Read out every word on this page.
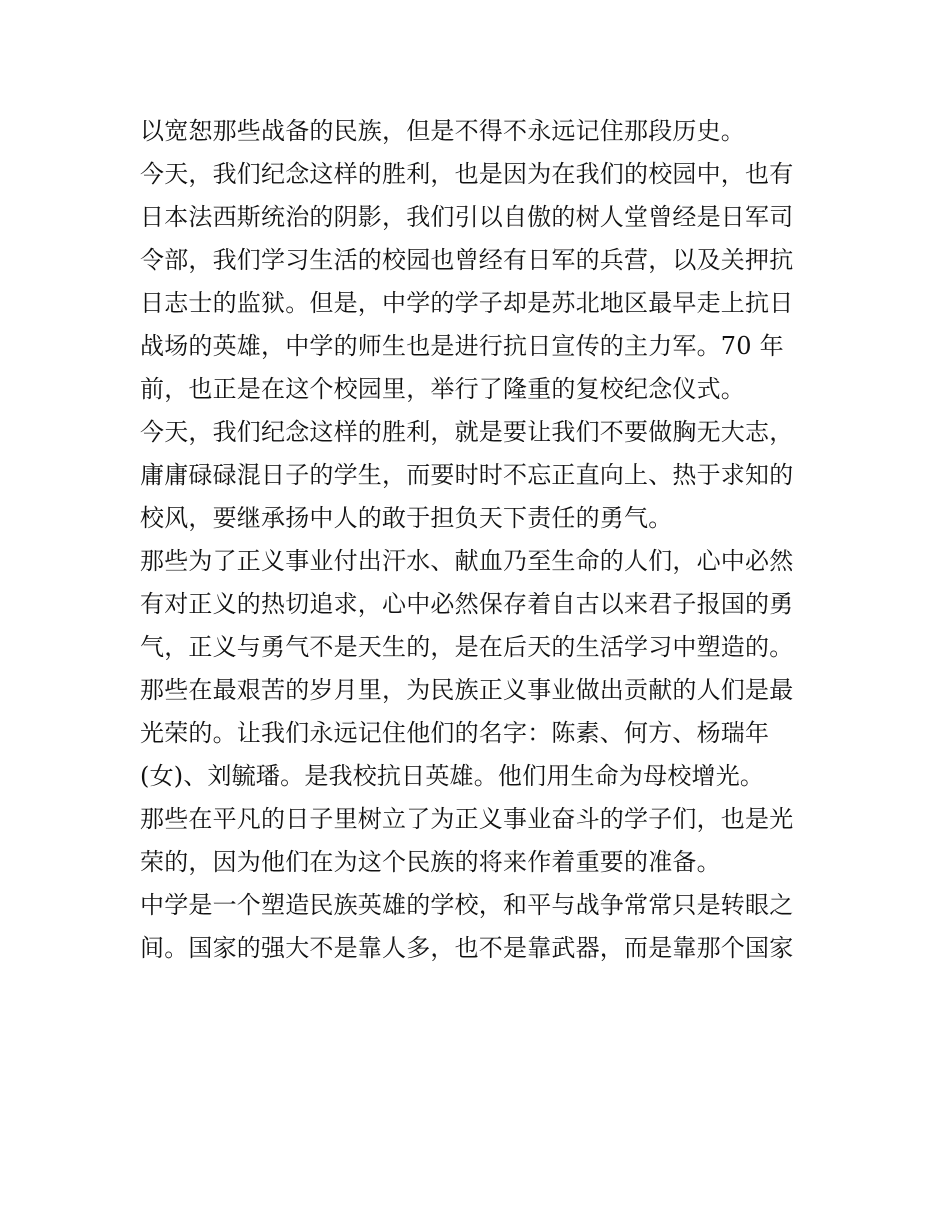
以宽恕那些战备的民族，但是不得不永远记住那段历史。
今天，我们纪念这样的胜利，也是因为在我们的校园中，也有
日本法西斯统治的阴影，我们引以自傲的树人堂曾经是日军司
令部，我们学习生活的校园也曾经有日军的兵营，以及关押抗
日志士的监狱。但是，中学的学子却是苏北地区最早走上抗日
战场的英雄，中学的师生也是进行抗日宣传的主力军。70 年
前，也正是在这个校园里，举行了隆重的复校纪念仪式。
今天，我们纪念这样的胜利，就是要让我们不要做胸无大志，
庸庸碌碌混日子的学生，而要时时不忘正直向上、热于求知的
校风，要继承扬中人的敢于担负天下责任的勇气。
那些为了正义事业付出汗水、献血乃至生命的人们，心中必然
有对正义的热切追求，心中必然保存着自古以来君子报国的勇
气，正义与勇气不是天生的，是在后天的生活学习中塑造的。
那些在最艰苦的岁月里，为民族正义事业做出贡献的人们是最
光荣的。让我们永远记住他们的名字：陈素、何方、杨瑞年
(女)、刘毓璠。是我校抗日英雄。他们用生命为母校增光。
那些在平凡的日子里树立了为正义事业奋斗的学子们，也是光
荣的，因为他们在为这个民族的将来作着重要的准备。
中学是一个塑造民族英雄的学校，和平与战争常常只是转眼之
间。国家的强大不是靠人多，也不是靠武器，而是靠那个国家
